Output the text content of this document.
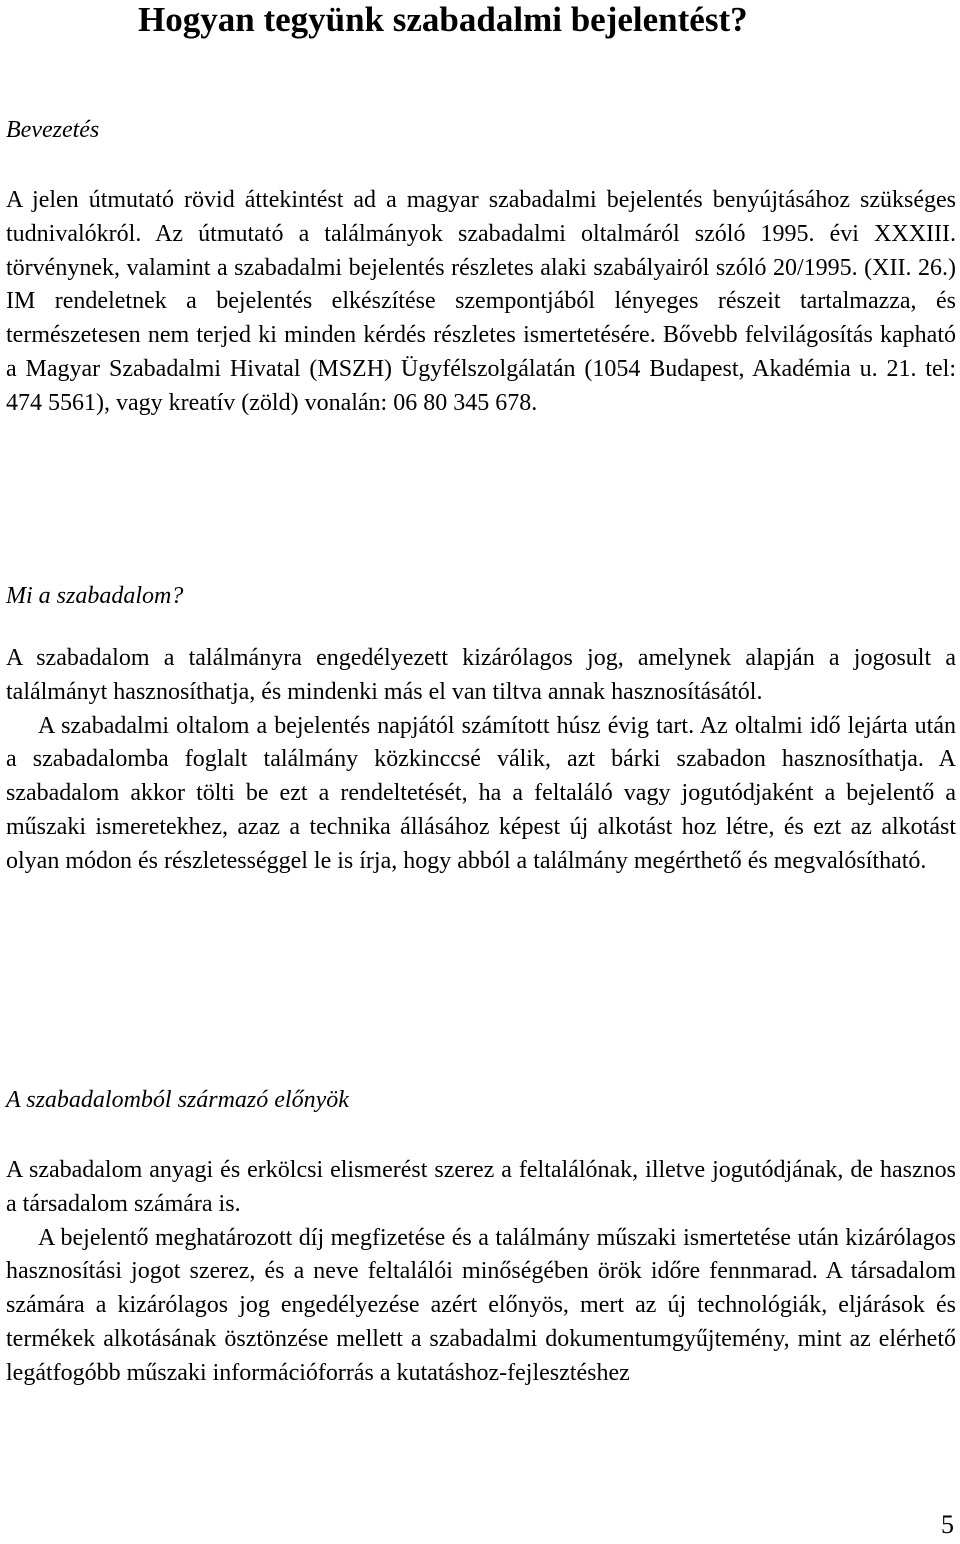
Hogyan tegyünk szabadalmi bejelentést?
Bevezetés

A jelen útmutató rövid áttekintést ad a magyar szabadalmi bejelentés benyújtásához szükséges tudnivalókról. Az útmutató a találmányok szabadalmi oltalmáról szóló 1995. évi XXXIII. törvénynek, valamint a szabadalmi bejelentés részletes alaki szabályairól szóló 20/1995. (XII. 26.) IM rendeletnek a bejelentés elkészítése szempontjából lényeges részeit tartalmazza, és természetesen nem terjed ki minden kérdés részletes ismertetésére. Bővebb felvilágosítás kapható a Magyar Szabadalmi Hivatal (MSZH) Ügyfélszolgálatán (1054 Budapest, Akadémia u. 21. tel: 474 5561), vagy kreatív (zöld) vonalán: 06 80 345 678.

Mi a szabadalom?

A szabadalom a találmányra engedélyezett kizárólagos jog, amelynek alapján a jogosult a találmányt hasznosíthatja, és mindenki más el van tiltva annak hasznosításától.

A szabadalmi oltalom a bejelentés napjától számított húsz évig tart. Az oltalmi idő lejárta után a szabadalomba foglalt találmány közkinccsé válik, azt bárki szabadon hasznosíthatja. A szabadalom akkor tölti be ezt a rendeltetését, ha a feltaláló vagy jogutódjaként a bejelentő a műszaki ismeretekhez, azaz a technika állásához képest új alkotást hoz létre, és ezt az alkotást olyan módon és részletességgel le is írja, hogy abból a találmány megérthető és megvalósítható.

A szabadalomból származó előnyök

A szabadalom anyagi és erkölcsi elismerést szerez a feltalálónak, illetve jogutódjának, de hasznos a társadalom számára is.

A bejelentő meghatározott díj megfizetése és a találmány műszaki ismertetése után kizárólagos hasznosítási jogot szerez, és a neve feltalálói minőségében örök időre fennmarad. A társadalom számára a kizárólagos jog engedélyezése azért előnyös, mert az új technológiák, eljárások és termékek alkotásának ösztönzése mellett a szabadalmi dokumentumgyűjtemény, mint az elérhető legátfogóbb műszaki információforrás a kutatáshoz-fejlesztéshez

5
